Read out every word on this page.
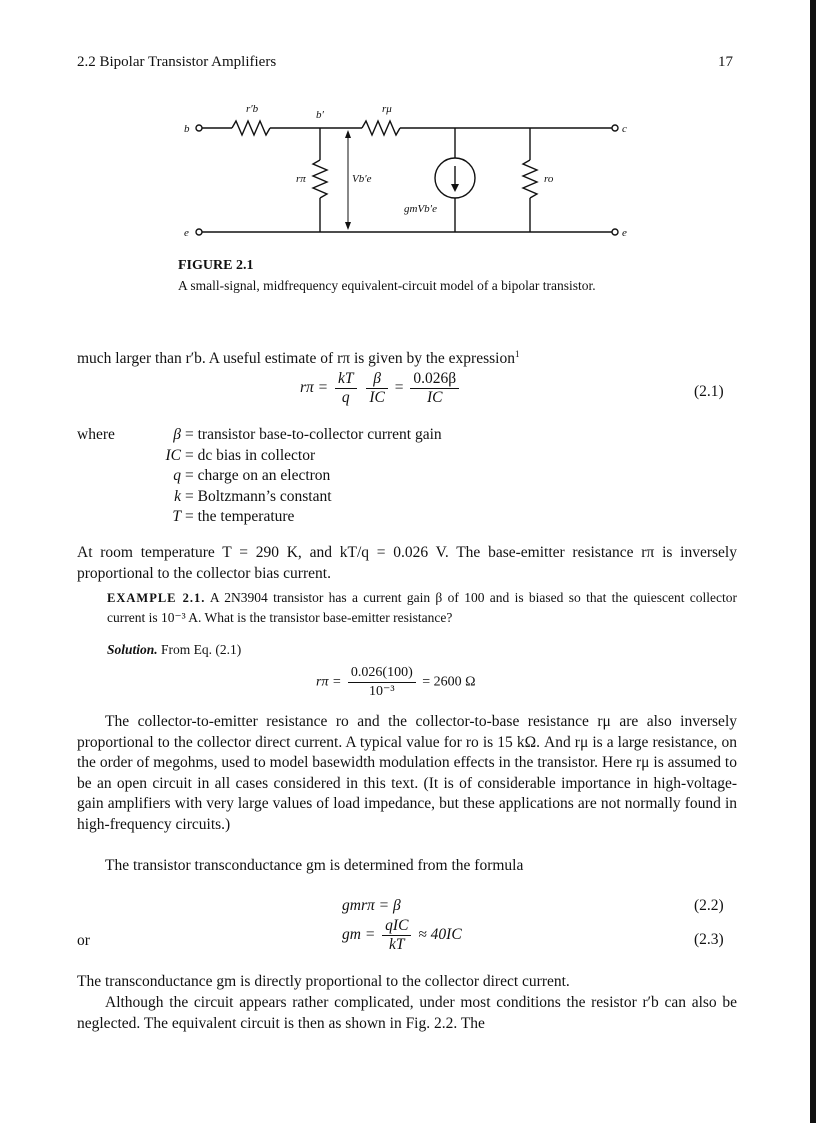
2.2 Bipolar Transistor Amplifiers	17
b	c
e	e
r′b	b′	rμ
rπ	Vb′e
gmVb′e
ro
FIGURE 2.1
A small-signal, midfrequency equivalent-circuit model of a bipolar transistor.
much larger than r′b. A useful estimate of rπ is given by the expression$^1$
$r\pi = \frac{kT}{q}$
$\frac{\beta}{IC} = \frac{0.026\beta}{IC}$	(2.1)
where	β = transistor base-to-collector current gain
IC = dc bias in collector
q = charge on an electron
k = Boltzmann’s constant
T = the temperature
At room temperature T = 290 K, and kT/q = 0.026 V. The base-emitter resistance rπ is inversely proportional to the collector bias current.
EXAMPLE 2.1. A 2N3904 transistor has a current gain β of 100 and is biased so that the quiescent collector current is 10⁻³ A. What is the transistor base-emitter resistance?
Solution. From Eq. (2.1)
$r\pi = \frac{0.026(100)}{\text{10⁻³}} = 2600$ Ω
The collector-to-emitter resistance ro and the collector-to-base resistance rμ are also inversely proportional to the collector direct current. A typical value for ro is 15 kΩ. And rμ is a large resistance, on the order of megohms, used to model basewidth modulation effects in the transistor. Here rμ is assumed to be an open circuit in all cases considered in this text. (It is of considerable importance in high-voltage-gain amplifiers with very large values of load impedance, but these applications are not normally found in high-frequency circuits.)
The transistor transconductance gm is determined from the formula
gmrπ = β	(2.2)
or	gm = $\frac{\text{qIC}}{kT} \approx 40IC$	(2.3)
The transconductance gm is directly proportional to the collector direct current.
Although the circuit appears rather complicated, under most conditions the resistor r′b can also be neglected. The equivalent circuit is then as shown in Fig. 2.2. The
